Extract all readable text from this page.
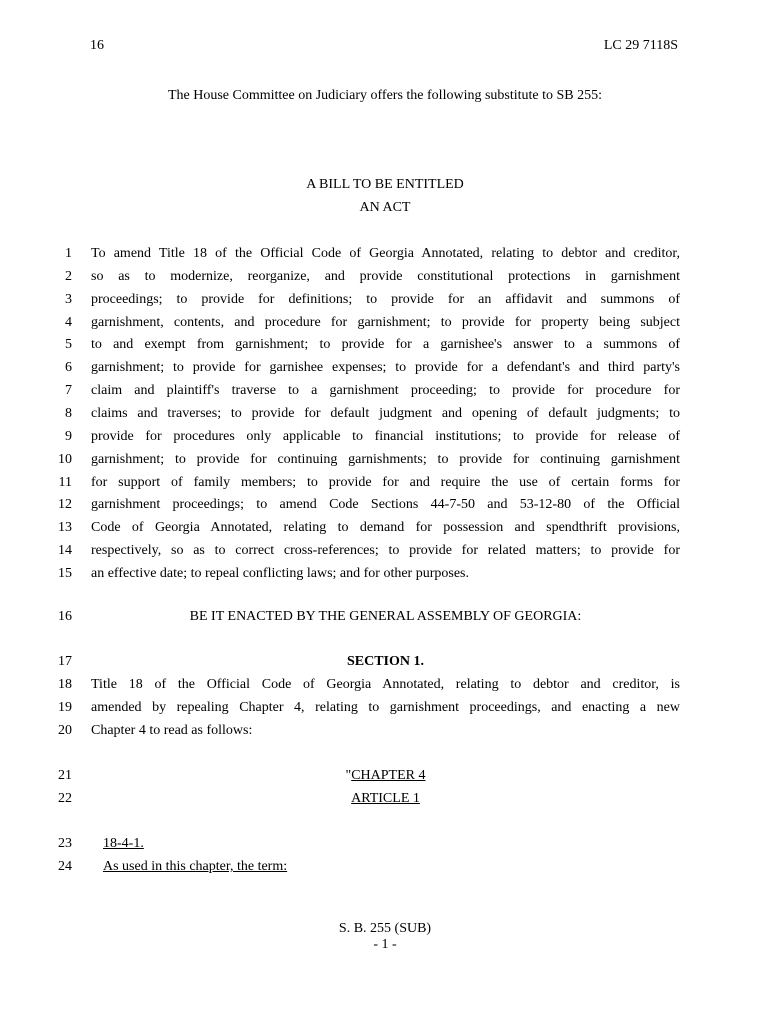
16	LC 29 7118S
The House Committee on Judiciary offers the following substitute to SB 255:
A BILL TO BE ENTITLED
AN ACT
1 To amend Title 18 of the Official Code of Georgia Annotated, relating to debtor and creditor,
2 so as to modernize, reorganize, and provide constitutional protections in garnishment
3 proceedings; to provide for definitions; to provide for an affidavit and summons of
4 garnishment, contents, and procedure for garnishment; to provide for property being subject
5 to and exempt from garnishment; to provide for a garnishee's answer to a summons of
6 garnishment; to provide for garnishee expenses; to provide for a defendant's and third party's
7 claim and plaintiff's traverse to a garnishment proceeding; to provide for procedure for
8 claims and traverses; to provide for default judgment and opening of default judgments; to
9 provide for procedures only applicable to financial institutions; to provide for release of
10 garnishment; to provide for continuing garnishments; to provide for continuing garnishment
11 for support of family members; to provide for and require the use of certain forms for
12 garnishment proceedings; to amend Code Sections 44-7-50 and 53-12-80 of the Official
13 Code of Georgia Annotated, relating to demand for possession and spendthrift provisions,
14 respectively, so as to correct cross-references; to provide for related matters; to provide for
15 an effective date; to repeal conflicting laws; and for other purposes.
16	BE IT ENACTED BY THE GENERAL ASSEMBLY OF GEORGIA:
17	SECTION 1.
18 Title 18 of the Official Code of Georgia Annotated, relating to debtor and creditor, is
19 amended by repealing Chapter 4, relating to garnishment proceedings, and enacting a new
20 Chapter 4 to read as follows:
21	"CHAPTER 4
22	ARTICLE 1
23 18-4-1.
24 As used in this chapter, the term:
S. B. 255 (SUB)
- 1 -
